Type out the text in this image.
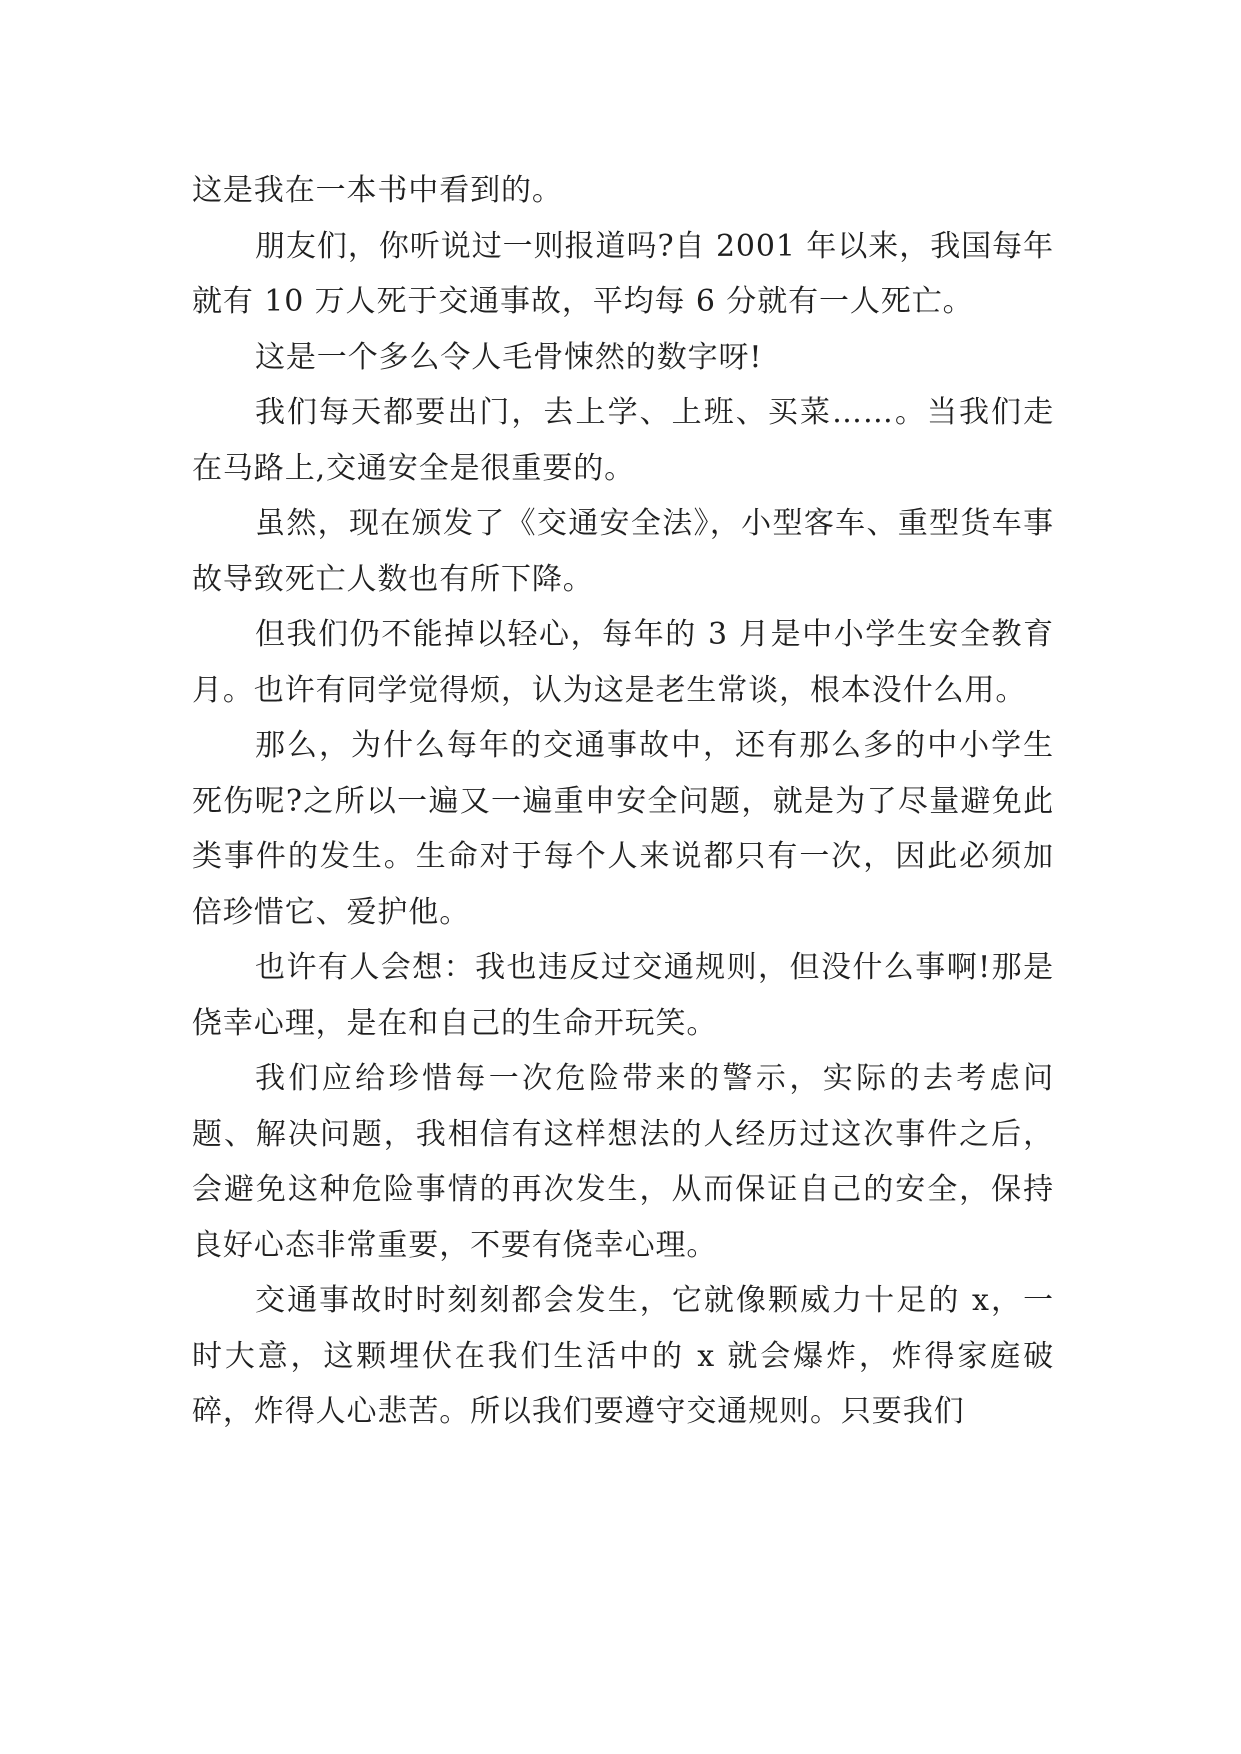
这是我在一本书中看到的。

朋友们，你听说过一则报道吗?自 2001 年以来，我国每年就有 10 万人死于交通事故，平均每 6 分就有一人死亡。

这是一个多么令人毛骨悚然的数字呀!

我们每天都要出门，去上学、上班、买菜……。当我们走在马路上,交通安全是很重要的。

虽然，现在颁发了《交通安全法》，小型客车、重型货车事故导致死亡人数也有所下降。

但我们仍不能掉以轻心，每年的 3 月是中小学生安全教育月。也许有同学觉得烦，认为这是老生常谈，根本没什么用。

那么，为什么每年的交通事故中，还有那么多的中小学生死伤呢?之所以一遍又一遍重申安全问题，就是为了尽量避免此类事件的发生。生命对于每个人来说都只有一次，因此必须加倍珍惜它、爱护他。

也许有人会想：我也违反过交通规则，但没什么事啊!那是侥幸心理，是在和自己的生命开玩笑。

我们应给珍惜每一次危险带来的警示，实际的去考虑问题、解决问题，我相信有这样想法的人经历过这次事件之后，会避免这种危险事情的再次发生，从而保证自己的安全，保持良好心态非常重要，不要有侥幸心理。

交通事故时时刻刻都会发生，它就像颗威力十足的 x，一时大意，这颗埋伏在我们生活中的 x 就会爆炸，炸得家庭破碎，炸得人心悲苦。所以我们要遵守交通规则。只要我们
